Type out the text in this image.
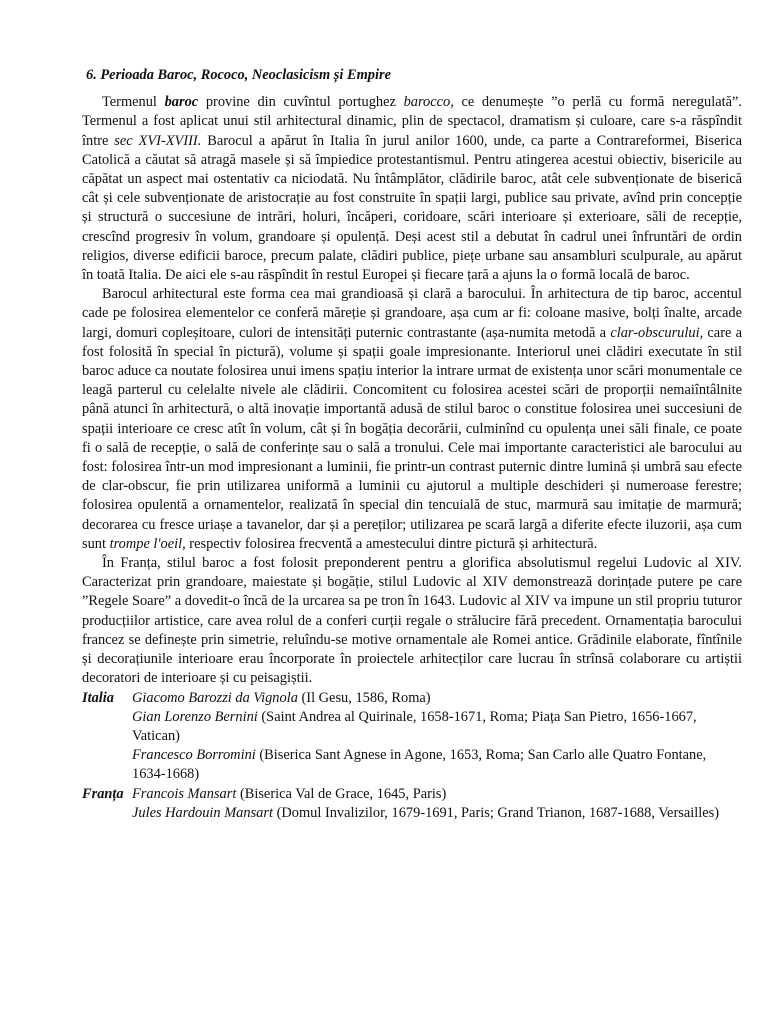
6. Perioada Baroc, Rococo, Neoclasicism și Empire

Termenul baroc provine din cuvîntul portughez barocco, ce denumește ”o perlă cu formă neregulată”. Termenul a fost aplicat unui stil arhitectural dinamic, plin de spectacol, dramatism și culoare, care s-a răspîndit între sec XVI-XVIII. Barocul a apărut în Italia în jurul anilor 1600, unde, ca parte a Contrareformei, Biserica Catolică a căutat să atragă masele și să împiedice protestantismul. Pentru atingerea acestui obiectiv, bisericile au căpătat un aspect mai ostentativ ca niciodată. Nu întâmplător, clădirile baroc, atât cele subvenționate de biserică cât și cele subvenționate de aristocrație au fost construite în spații largi, publice sau private, avînd prin concepție și structură o succesiune de intrări, holuri, încăperi, coridoare, scări interioare și exterioare, săli de recepție, crescînd progresiv în volum, grandoare și opulență. Deși acest stil a debutat în cadrul unei înfruntări de ordin religios, diverse edificii baroce, precum palate, clădiri publice, piețe urbane sau ansambluri sculpurale, au apărut în toată Italia. De aici ele s-au răspîndit în restul Europei și fiecare țară a ajuns la o formă locală de baroc.

Barocul arhitectural este forma cea mai grandioasă și clară a barocului. În arhitectura de tip baroc, accentul cade pe folosirea elementelor ce conferă măreție și grandoare, așa cum ar fi: coloane masive, bolți înalte, arcade largi, domuri copleșitoare, culori de intensități puternic contrastante (așa-numita metodă a clar-obscurului, care a fost folosită în special în pictură), volume și spații goale impresionante. Interiorul unei clădiri executate în stil baroc aduce ca noutate folosirea unui imens spațiu interior la intrare urmat de existența unor scări monumentale ce leagă parterul cu celelalte nivele ale clădirii. Concomitent cu folosirea acestei scări de proporții nemaiîntâlnite până atunci în arhitectură, o altă inovație importantă adusă de stilul baroc o constitue folosirea unei succesiuni de spații interioare ce cresc atît în volum, cât și în bogăția decorării, culminînd cu opulența unei săli finale, ce poate fi o sală de recepție, o sală de conferințe sau o sală a tronului. Cele mai importante caracteristici ale barocului au fost: folosirea într-un mod impresionant a luminii, fie printr-un contrast puternic dintre lumină și umbră sau efecte de clar-obscur, fie prin utilizarea uniformă a luminii cu ajutorul a multiple deschideri și numeroase ferestre; folosirea opulentă a ornamentelor, realizată în special din tencuială de stuc, marmură sau imitație de marmură; decorarea cu fresce uriașe a tavanelor, dar și a pereților; utilizarea pe scară largă a diferite efecte iluzorii, așa cum sunt trompe l'oeil, respectiv folosirea frecventă a amestecului dintre pictură și arhitectură.

În Franța, stilul baroc a fost folosit preponderent pentru a glorifica absolutismul regelui Ludovic al XIV. Caracterizat prin grandoare, maiestate și bogăție, stilul Ludovic al XIV demonstrează dorințade putere pe care ”Regele Soare” a dovedit-o încă de la urcarea sa pe tron în 1643. Ludovic al XIV va impune un stil propriu tuturor producțiilor artistice, care avea rolul de a conferi curții regale o strălucire fără precedent. Ornamentația barocului francez se definește prin simetrie, reluîndu-se motive ornamentale ale Romei antice. Grădinile elaborate, fîntînile și decorațiunile interioare erau încorporate în proiectele arhitecților care lucrau în strînsă colaborare cu artiștii decoratori de interioare și cu peisagiștii.

Italia Giacomo Barozzi da Vignola (Il Gesu, 1586, Roma)
Gian Lorenzo Bernini (Saint Andrea al Quirinale, 1658-1671, Roma; Piața San Pietro, 1656-1667, Vatican)
Francesco Borromini (Biserica Sant Agnese in Agone, 1653, Roma; San Carlo alle Quatro Fontane, 1634-1668)
Franța Francois Mansart (Biserica Val de Grace, 1645, Paris)
Jules Hardouin Mansart (Domul Invalizilor, 1679-1691, Paris; Grand Trianon, 1687-1688, Versailles)
